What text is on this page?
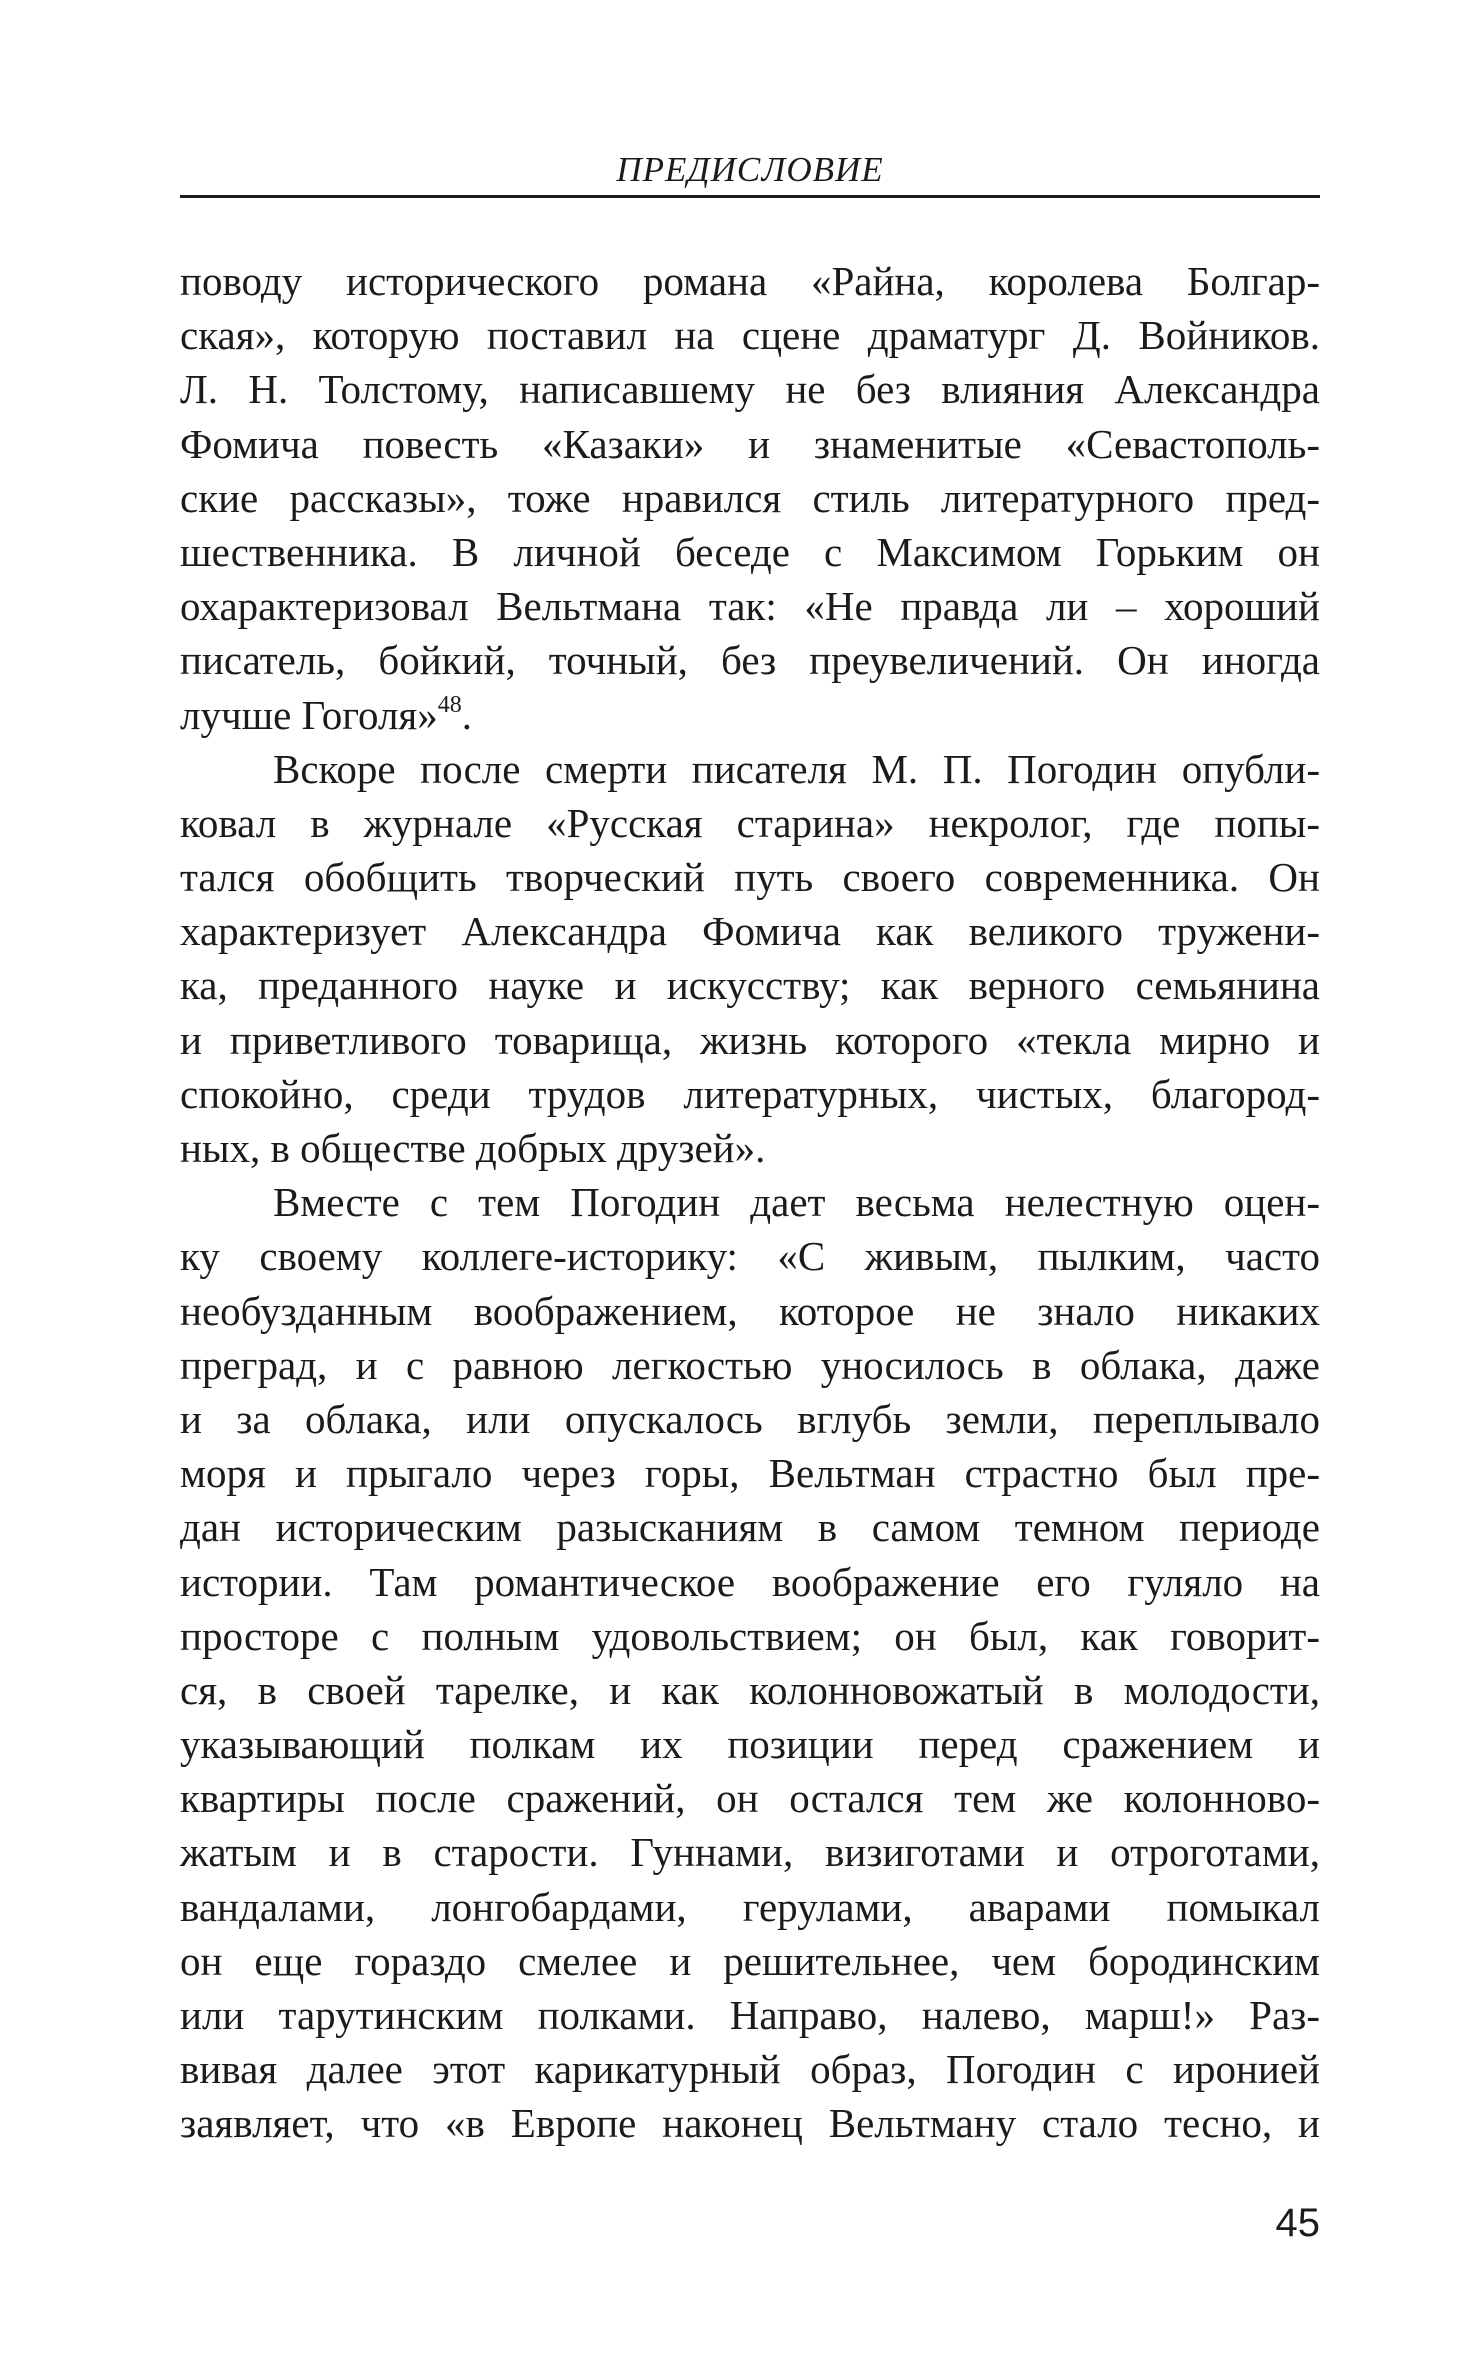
ПРЕДИСЛОВИЕ
поводу исторического романа «Райна, королева Болгар-
ская», которую поставил на сцене драматург Д. Войников.
Л. Н. Толстому, написавшему не без влияния Александра
Фомича повесть «Казаки» и знаменитые «Севастополь-
ские рассказы», тоже нравился стиль литературного пред-
шественника. В личной беседе с Максимом Горьким он
охарактеризовал Вельтмана так: «Не правда ли – хороший
писатель, бойкий, точный, без преувеличений. Он иногда
лучше Гоголя»$^{48}$.
Вскоре после смерти писателя М. П. Погодин опубли-
ковал в журнале «Русская старина» некролог, где попы-
тался обобщить творческий путь своего современника. Он
характеризует Александра Фомича как великого тружени-
ка, преданного науке и искусству; как верного семьянина
и приветливого товарища, жизнь которого «текла мирно и
спокойно, среди трудов литературных, чистых, благород-
ных, в обществе добрых друзей».
Вместе с тем Погодин дает весьма нелестную оцен-
ку своему коллеге-историку: «С живым, пылким, часто
необузданным воображением, которое не знало никаких
преград, и с равною легкостью уносилось в облака, даже
и за облака, или опускалось вглубь земли, переплывало
моря и прыгало через горы, Вельтман страстно был пре-
дан историческим разысканиям в самом темном периоде
истории. Там романтическое воображение его гуляло на
просторе с полным удовольствием; он был, как говорит-
ся, в своей тарелке, и как колонновожатый в молодости,
указывающий полкам их позиции перед сражением и
квартиры после сражений, он остался тем же колонново-
жатым и в старости. Гуннами, визиготами и отроготами,
вандалами, лонгобардами, герулами, аварами помыкал
он еще гораздо смелее и решительнее, чем бородинским
или тарутинским полками. Направо, налево, марш!» Раз-
вивая далее этот карикатурный образ, Погодин с иронией
заявляет, что «в Европе наконец Вельтману стало тесно, и
45
